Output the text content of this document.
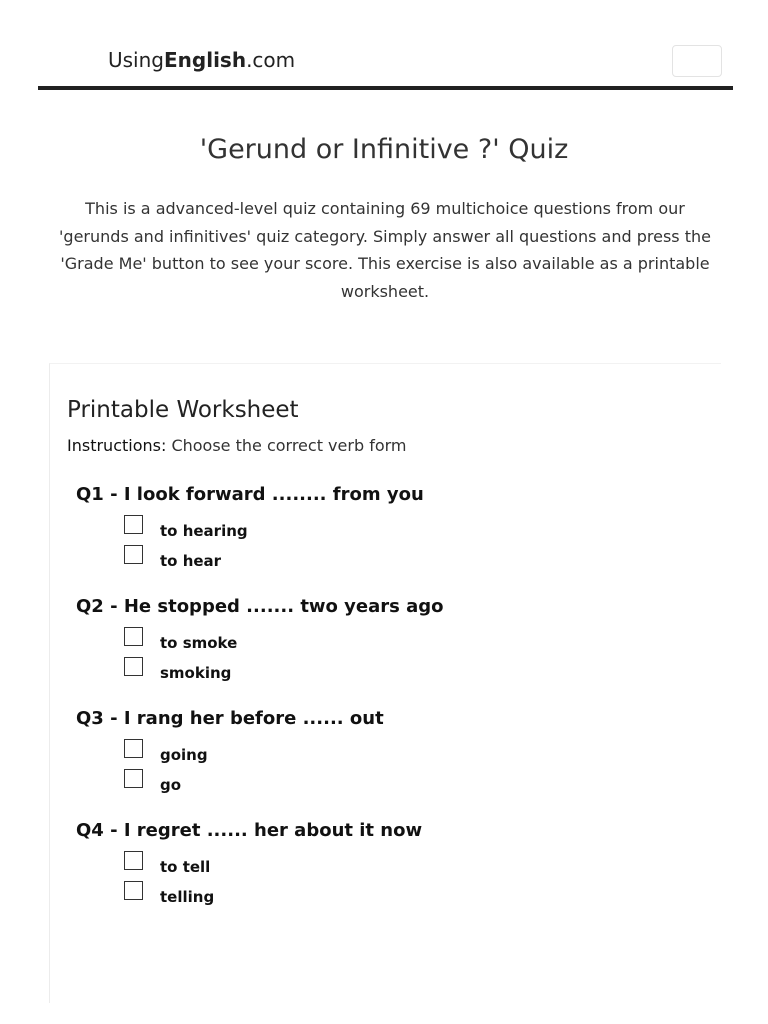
UsingEnglish.com
'Gerund or Infinitive ?' Quiz

This is a advanced-level quiz containing 69 multichoice questions from our 'gerunds and infinitives' quiz category. Simply answer all questions and press the 'Grade Me' button to see your score. This exercise is also available as a printable worksheet.

Printable Worksheet
Instructions: Choose the correct verb form
Q1 - I look forward ........ from you
to hearing
to hear
Q2 - He stopped ....... two years ago
to smoke
smoking
Q3 - I rang her before ...... out
going
go
Q4 - I regret ...... her about it now
to tell
telling
